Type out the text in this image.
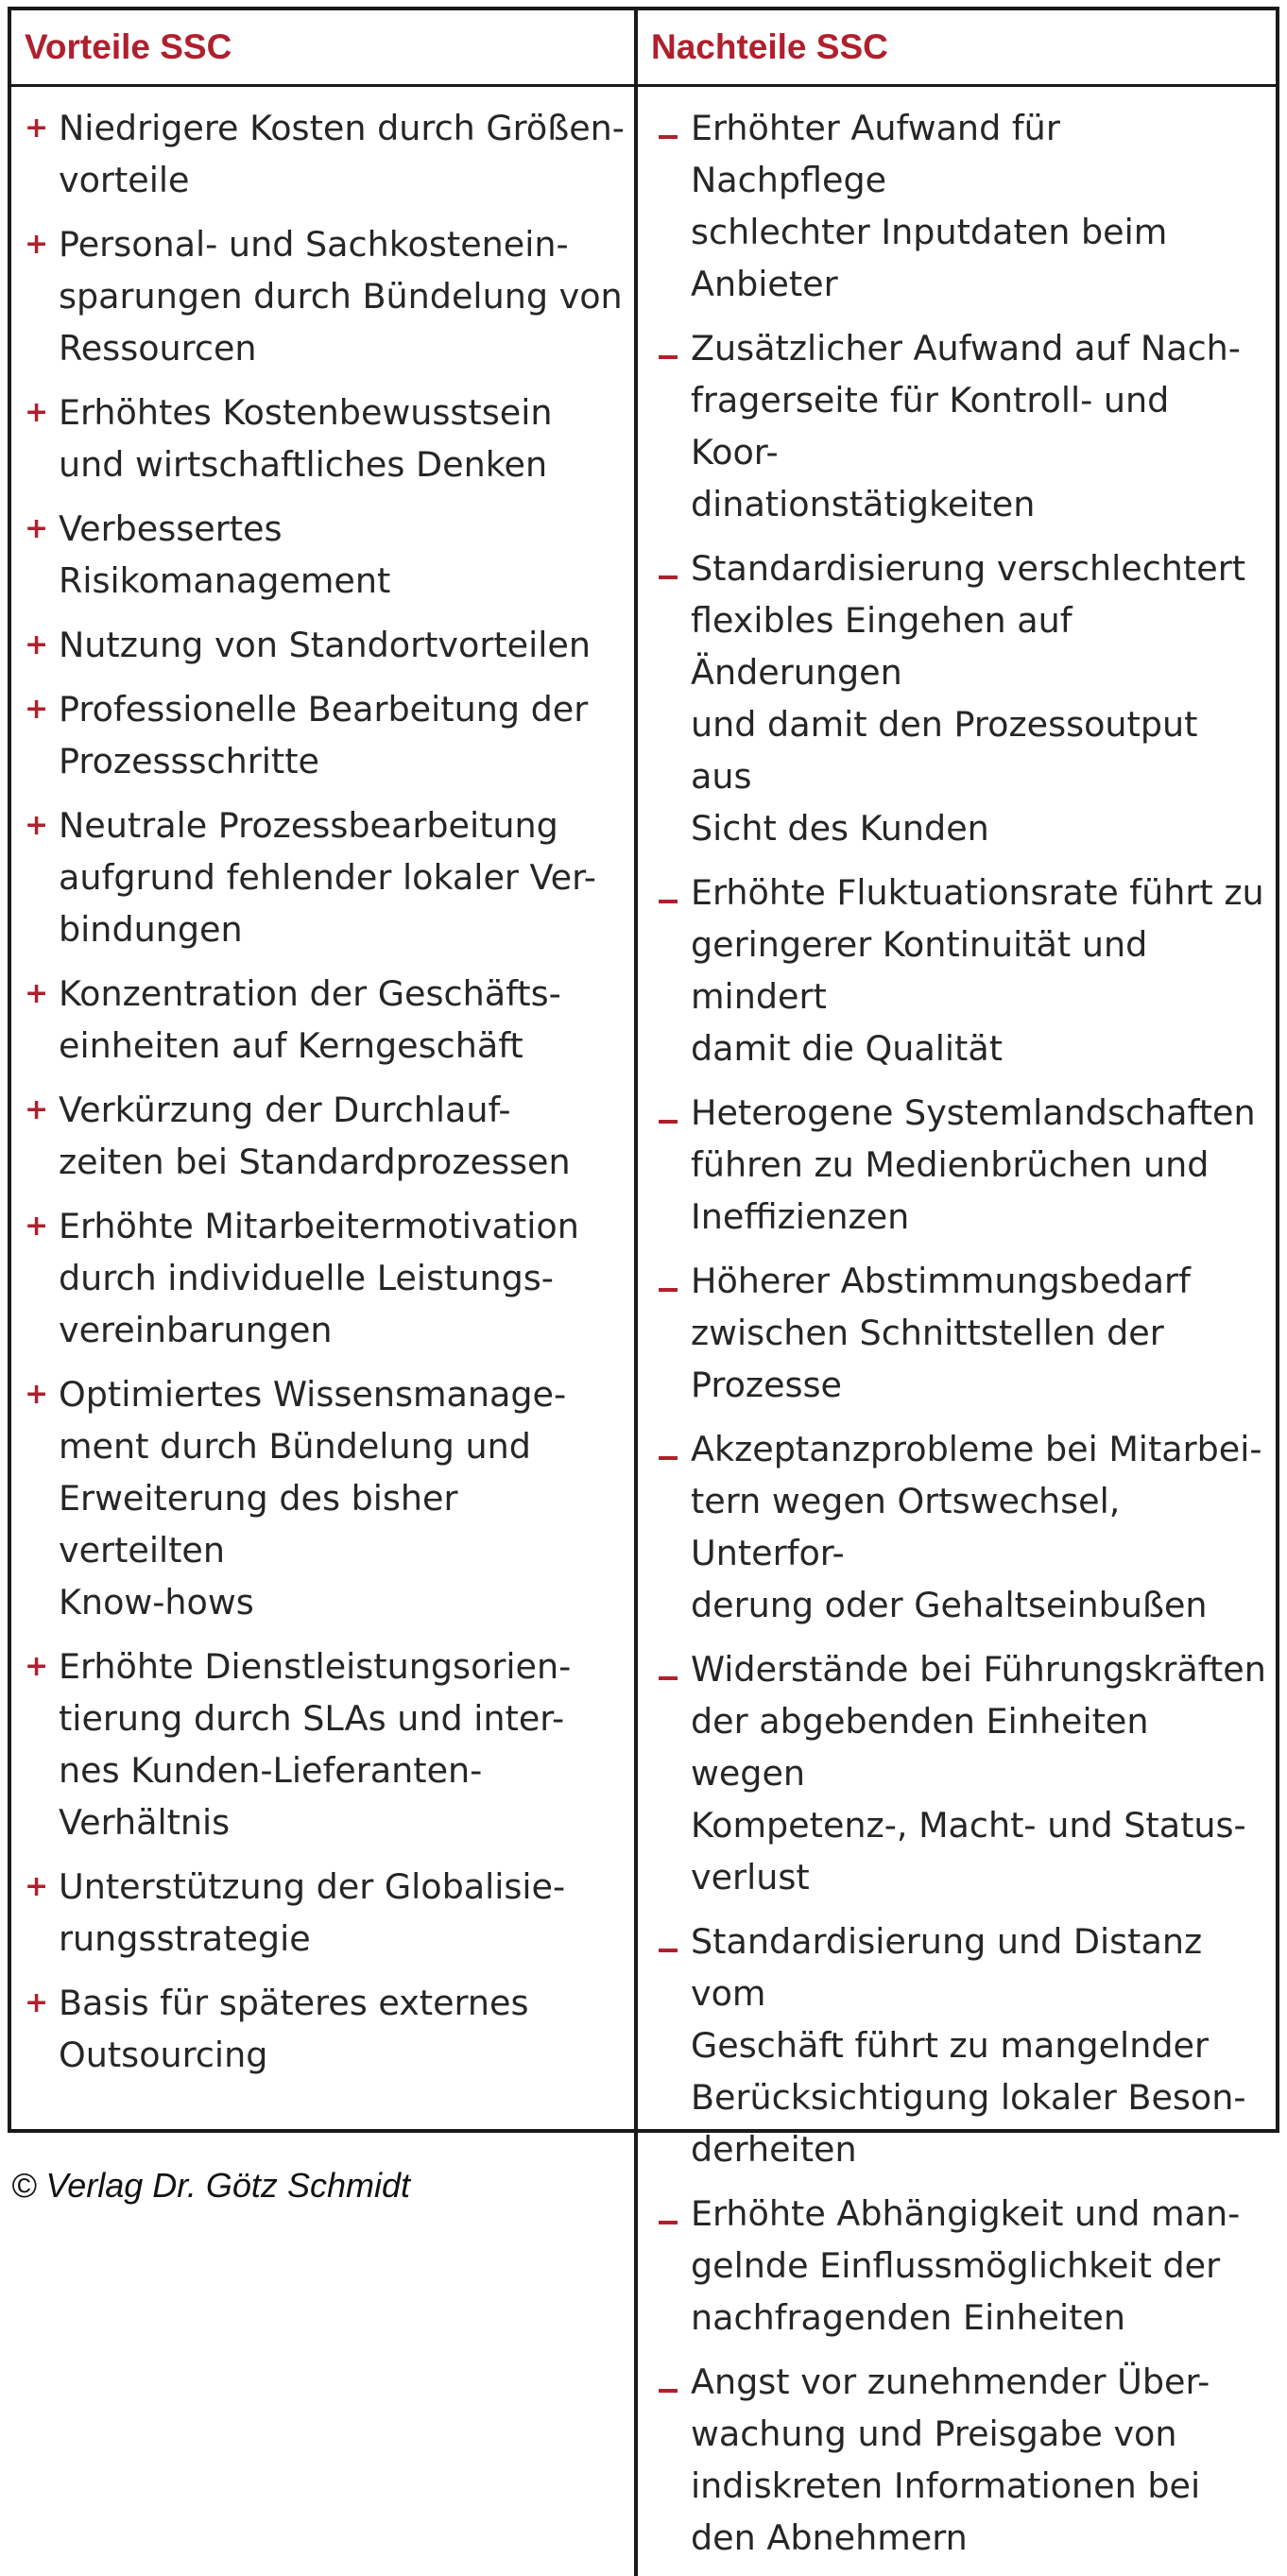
Vorteile SSC	Nachteile SSC
+ Niedrigere Kosten durch Größen-
vorteile
+ Personal- und Sachkostenein-
sparungen durch Bündelung von
Ressourcen
+ Erhöhtes Kostenbewusstsein
und wirtschaftliches Denken
+ Verbessertes Risikomanagement
+ Nutzung von Standortvorteilen
+ Professionelle Bearbeitung der
Prozessschritte
+ Neutrale Prozessbearbeitung
aufgrund fehlender lokaler Ver-
bindungen
+ Konzentration der Geschäfts-
einheiten auf Kerngeschäft
+ Verkürzung der Durchlauf-
zeiten bei Standardprozessen
+ Erhöhte Mitarbeitermotivation
durch individuelle Leistungs-
vereinbarungen
+ Optimiertes Wissensmanage-
ment durch Bündelung und
Erweiterung des bisher verteilten
Know-hows
+ Erhöhte Dienstleistungsorien-
tierung durch SLAs und inter-
nes Kunden-Lieferanten-Verhältnis
+ Unterstützung der Globalisie-
rungsstrategie
+ Basis für späteres externes
Outsourcing
Erhöhter Aufwand für Nachpflege
schlechter Inputdaten beim
Anbieter
Zusätzlicher Aufwand auf Nach-
fragerseite für Kontroll- und Koor-
dinationstätigkeiten
Standardisierung verschlechtert
flexibles Eingehen auf Änderungen
und damit den Prozessoutput aus
Sicht des Kunden
Erhöhte Fluktuationsrate führt zu
geringerer Kontinuität und mindert
damit die Qualität
Heterogene Systemlandschaften
führen zu Medienbrüchen und
Ineffizienzen
Höherer Abstimmungsbedarf
zwischen Schnittstellen der
Prozesse
Akzeptanzprobleme bei Mitarbei-
tern wegen Ortswechsel, Unterfor-
derung oder Gehaltseinbußen
Widerstände bei Führungskräften
der abgebenden Einheiten wegen
Kompetenz-, Macht- und Status-
verlust
Standardisierung und Distanz vom
Geschäft führt zu mangelnder
Berücksichtigung lokaler Beson-
derheiten
Erhöhte Abhängigkeit und man-
gelnde Einflussmöglichkeit der
nachfragenden Einheiten
Angst vor zunehmender Über-
wachung und Preisgabe von
indiskreten Informationen bei
den Abnehmern
© Verlag Dr. Götz Schmidt
